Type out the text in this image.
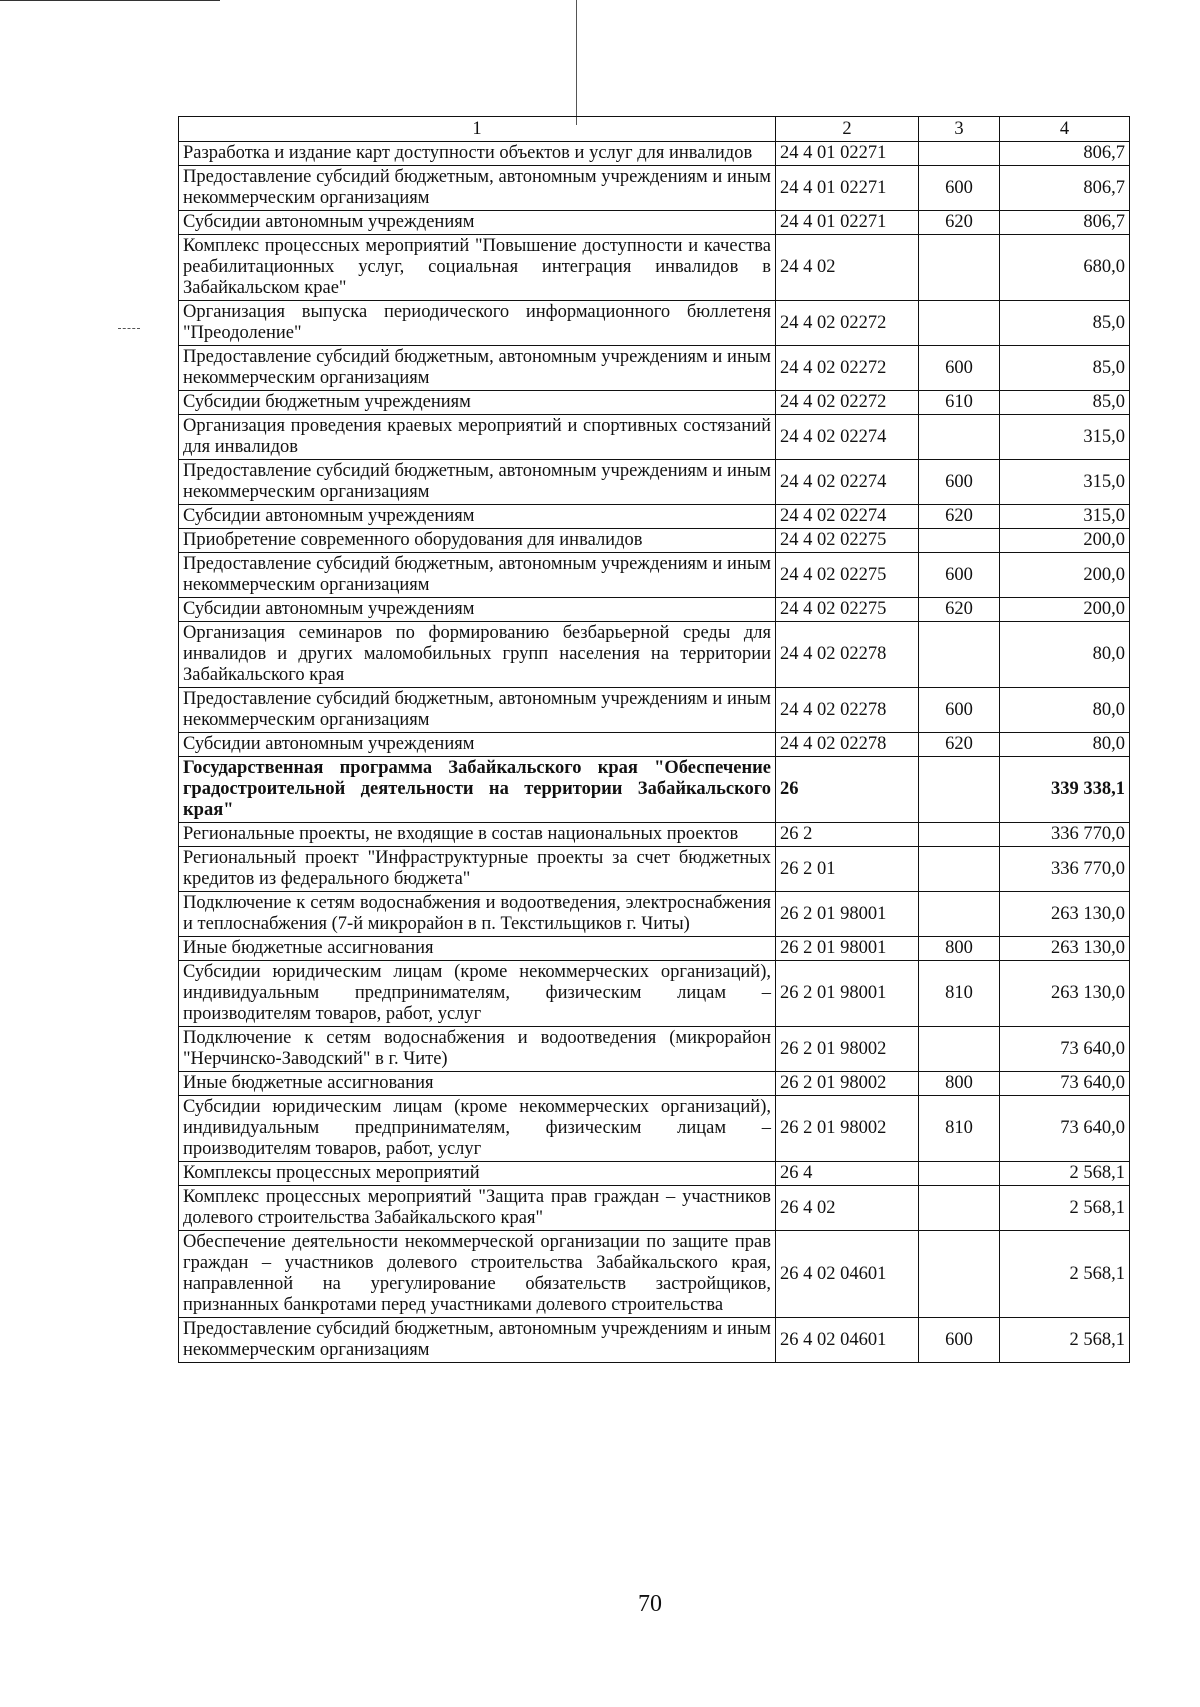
1	2	3	4
Разработка и издание карт доступности объектов и услуг для инвалидов	24 4 01 02271		806,7
Предоставление субсидий бюджетным, автономным учреждениям и иным некоммерческим организациям	24 4 01 02271	600	806,7
Субсидии автономным учреждениям	24 4 01 02271	620	806,7
Комплекс процессных мероприятий "Повышение доступности и качества реабилитационных услуг, социальная интеграция инвалидов в Забайкальском крае"	24 4 02		680,0
Организация выпуска периодического информационного бюллетеня "Преодоление"	24 4 02 02272		85,0
Предоставление субсидий бюджетным, автономным учреждениям и иным некоммерческим организациям	24 4 02 02272	600	85,0
Субсидии бюджетным учреждениям	24 4 02 02272	610	85,0
Организация проведения краевых мероприятий и спортивных состязаний для инвалидов	24 4 02 02274		315,0
Предоставление субсидий бюджетным, автономным учреждениям и иным некоммерческим организациям	24 4 02 02274	600	315,0
Субсидии автономным учреждениям	24 4 02 02274	620	315,0
Приобретение современного оборудования для инвалидов	24 4 02 02275		200,0
Предоставление субсидий бюджетным, автономным учреждениям и иным некоммерческим организациям	24 4 02 02275	600	200,0
Субсидии автономным учреждениям	24 4 02 02275	620	200,0
Организация семинаров по формированию безбарьерной среды для инвалидов и других маломобильных групп населения на территории Забайкальского края	24 4 02 02278		80,0
Предоставление субсидий бюджетным, автономным учреждениям и иным некоммерческим организациям	24 4 02 02278	600	80,0
Субсидии автономным учреждениям	24 4 02 02278	620	80,0
Государственная программа Забайкальского края "Обеспечение градостроительной деятельности на территории Забайкальского края"	26		339 338,1
Региональные проекты, не входящие в состав национальных проектов	26 2		336 770,0
Региональный проект "Инфраструктурные проекты за счет бюджетных кредитов из федерального бюджета"	26 2 01		336 770,0
Подключение к сетям водоснабжения и водоотведения, электроснабжения и теплоснабжения (7-й микрорайон в п. Текстильщиков г. Читы)	26 2 01 98001		263 130,0
Иные бюджетные ассигнования	26 2 01 98001	800	263 130,0
Субсидии юридическим лицам (кроме некоммерческих организаций), индивидуальным предпринимателям, физическим лицам – производителям товаров, работ, услуг	26 2 01 98001	810	263 130,0
Подключение к сетям водоснабжения и водоотведения (микрорайон "Нерчинско-Заводский" в г. Чите)	26 2 01 98002		73 640,0
Иные бюджетные ассигнования	26 2 01 98002	800	73 640,0
Субсидии юридическим лицам (кроме некоммерческих организаций), индивидуальным предпринимателям, физическим лицам – производителям товаров, работ, услуг	26 2 01 98002	810	73 640,0
Комплексы процессных мероприятий	26 4		2 568,1
Комплекс процессных мероприятий "Защита прав граждан – участников долевого строительства Забайкальского края"	26 4 02		2 568,1
Обеспечение деятельности некоммерческой организации по защите прав граждан – участников долевого строительства Забайкальского края, направленной на урегулирование обязательств застройщиков, признанных банкротами перед участниками долевого строительства	26 4 02 04601		2 568,1
Предоставление субсидий бюджетным, автономным учреждениям и иным некоммерческим организациям	26 4 02 04601	600	2 568,1
70
